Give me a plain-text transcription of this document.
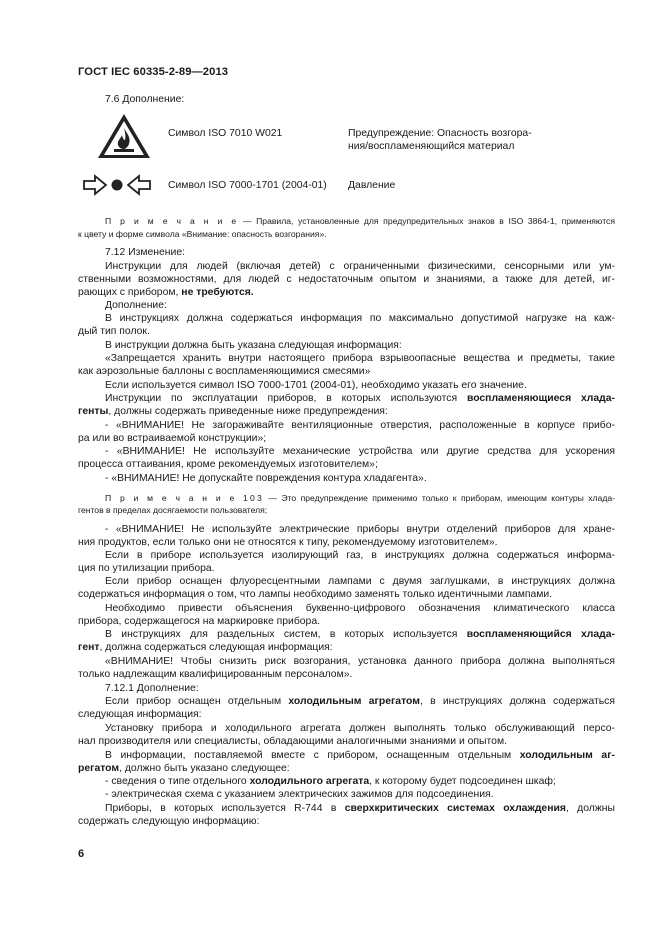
ГОСТ IEC 60335-2-89—2013
7.6 Дополнение:
Символ ISO 7010 W021	Предупреждение: Опасность возгора-
ния/воспламеняющийся материал
Символ ISO 7000-1701 (2004-01) Давление
П р и м е ч а н и е — Правила, установленные для предупредительных знаков в ISO 3864-1, применяются
к цвету и форме символа «Внимание: опасность возгорания».
7.12 Изменение:
Инструкции для людей (включая детей) с ограниченными физическими, сенсорными или ум-
ственными возможностями, для людей с недостаточным опытом и знаниями, а также для детей, иг-
рающих с прибором, не требуются.
Дополнение:
В инструкциях должна содержаться информация по максимально допустимой нагрузке на каж-
дый тип полок.
В инструкции должна быть указана следующая информация:
«Запрещается хранить внутри настоящего прибора взрывоопасные вещества и предметы, такие
как аэрозольные баллоны с воспламеняющимися смесями»
Если используется символ ISO 7000-1701 (2004-01), необходимо указать его значение.
Инструкции по эксплуатации приборов, в которых используются воспламеняющиеся хлада-
генты, должны содержать приведенные ниже предупреждения:
- «ВНИМАНИЕ! Не загораживайте вентиляционные отверстия, расположенные в корпусе прибо-
ра или во встраиваемой конструкции»;
- «ВНИМАНИЕ! Не используйте механические устройства или другие средства для ускорения
процесса оттаивания, кроме рекомендуемых изготовителем»;
- «ВНИМАНИЕ! Не допускайте повреждения контура хладагента».
П р и м е ч а н и е 103 — Это предупреждение применимо только к приборам, имеющим контуры хлада-
гентов в пределах досягаемости пользователя;
- «ВНИМАНИЕ! Не используйте электрические приборы внутри отделений приборов для хране-
ния продуктов, если только они не относятся к типу, рекомендуемому изготовителем».
Если в приборе используется изолирующий газ, в инструкциях должна содержаться информа-
ция по утилизации прибора.
Если прибор оснащен флуоресцентными лампами с двумя заглушками, в инструкциях должна
содержаться информация о том, что лампы необходимо заменять только идентичными лампами.
Необходимо привести объяснения буквенно-цифрового обозначения климатического класса
прибора, содержащегося на маркировке прибора.
В инструкциях для раздельных систем, в которых используется воспламеняющийся хлада-
гент, должна содержаться следующая информация:
«ВНИМАНИЕ! Чтобы снизить риск возгорания, установка данного прибора должна выполняться
только надлежащим квалифицированным персоналом».
7.12.1 Дополнение:
Если прибор оснащен отдельным холодильным агрегатом, в инструкциях должна содержаться
следующая информация:
Установку прибора и холодильного агрегата должен выполнять только обслуживающий персо-
нал производителя или специалисты, обладающими аналогичными знаниями и опытом.
В информации, поставляемой вместе с прибором, оснащенным отдельным холодильным аг-
регатом, должно быть указано следующее:
- сведения о типе отдельного холодильного агрегата, к которому будет подсоединен шкаф;
- электрическая схема с указанием электрических зажимов для подсоединения.
Приборы, в которых используется R-744 в сверхкритических системах охлаждения, должны
содержать следующую информацию:
6
